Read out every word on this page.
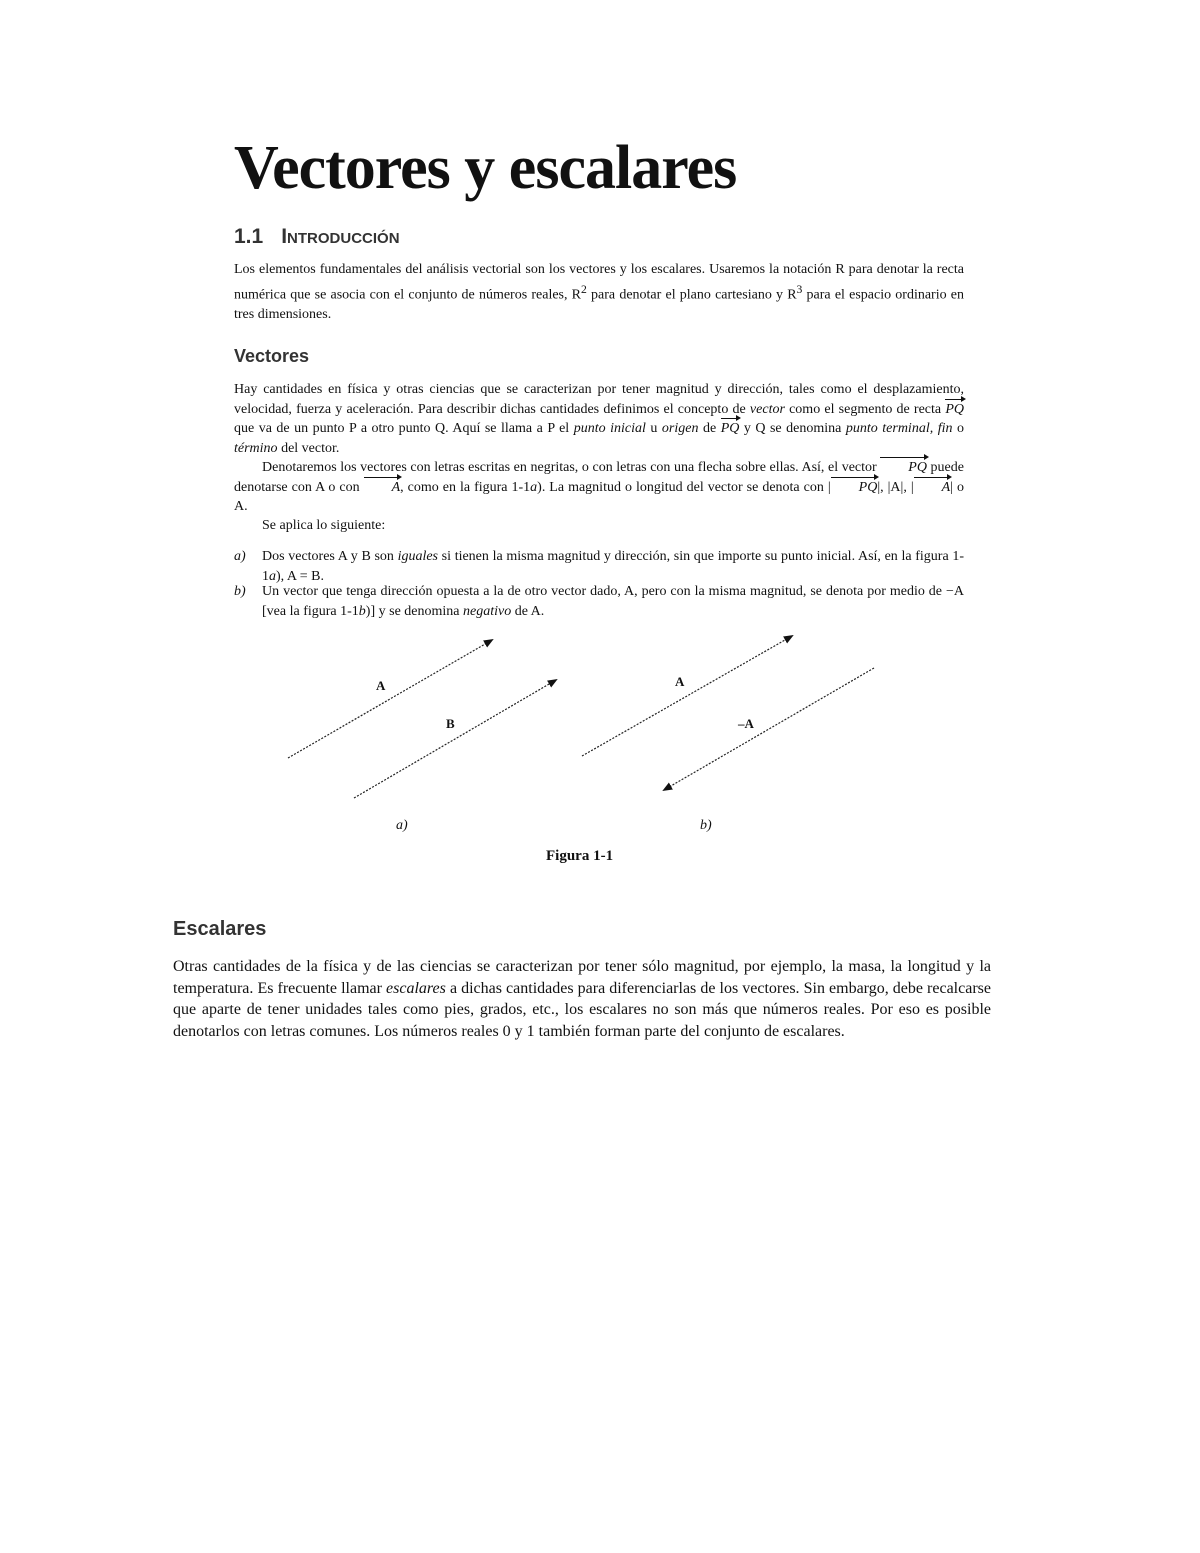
Vectores y escalares
1.1 Introducción

Los elementos fundamentales del análisis vectorial son los vectores y los escalares. Usaremos la notación R para denotar la recta numérica que se asocia con el conjunto de números reales, $R^2$ para denotar el plano cartesiano y $R^3$ para el espacio ordinario en tres dimensiones.

Vectores

Hay cantidades en física y otras ciencias que se caracterizan por tener magnitud y dirección, tales como el desplazamiento, velocidad, fuerza y aceleración. Para describir dichas cantidades definimos el concepto de vector como el segmento de recta PQ que va de un punto P a otro punto Q. Aquí se llama a P el punto inicial u origen de PQ y Q se denomina punto terminal, fin o término del vector.

Denotaremos los vectores con letras escritas en negritas, o con letras con una flecha sobre ellas. Así, el vector PQ puede denotarse con A o con A, como en la figura 1-1a). La magnitud o longitud del vector se denota con | PQ|, |A|, | A| o A.

Se aplica lo siguiente:

a) Dos vectores A y B son iguales si tienen la misma magnitud y dirección, sin que importe su punto inicial. Así, en la figura 1-1a), A = B.
b) Un vector que tenga dirección opuesta a la de otro vector dado, A, pero con la misma magnitud, se denota por medio de −A [vea la figura 1-1b)] y se denomina negativo de A.
A
B
A
–A
a)	b)
Figura 1-1
Escalares

Otras cantidades de la física y de las ciencias se caracterizan por tener sólo magnitud, por ejemplo, la masa, la longitud y la temperatura. Es frecuente llamar escalares a dichas cantidades para diferenciarlas de los vectores. Sin embargo, debe recalcarse que aparte de tener unidades tales como pies, grados, etc., los escalares no son más que números reales. Por eso es posible denotarlos con letras comunes. Los números reales 0 y 1 también forman parte del conjunto de escalares.
